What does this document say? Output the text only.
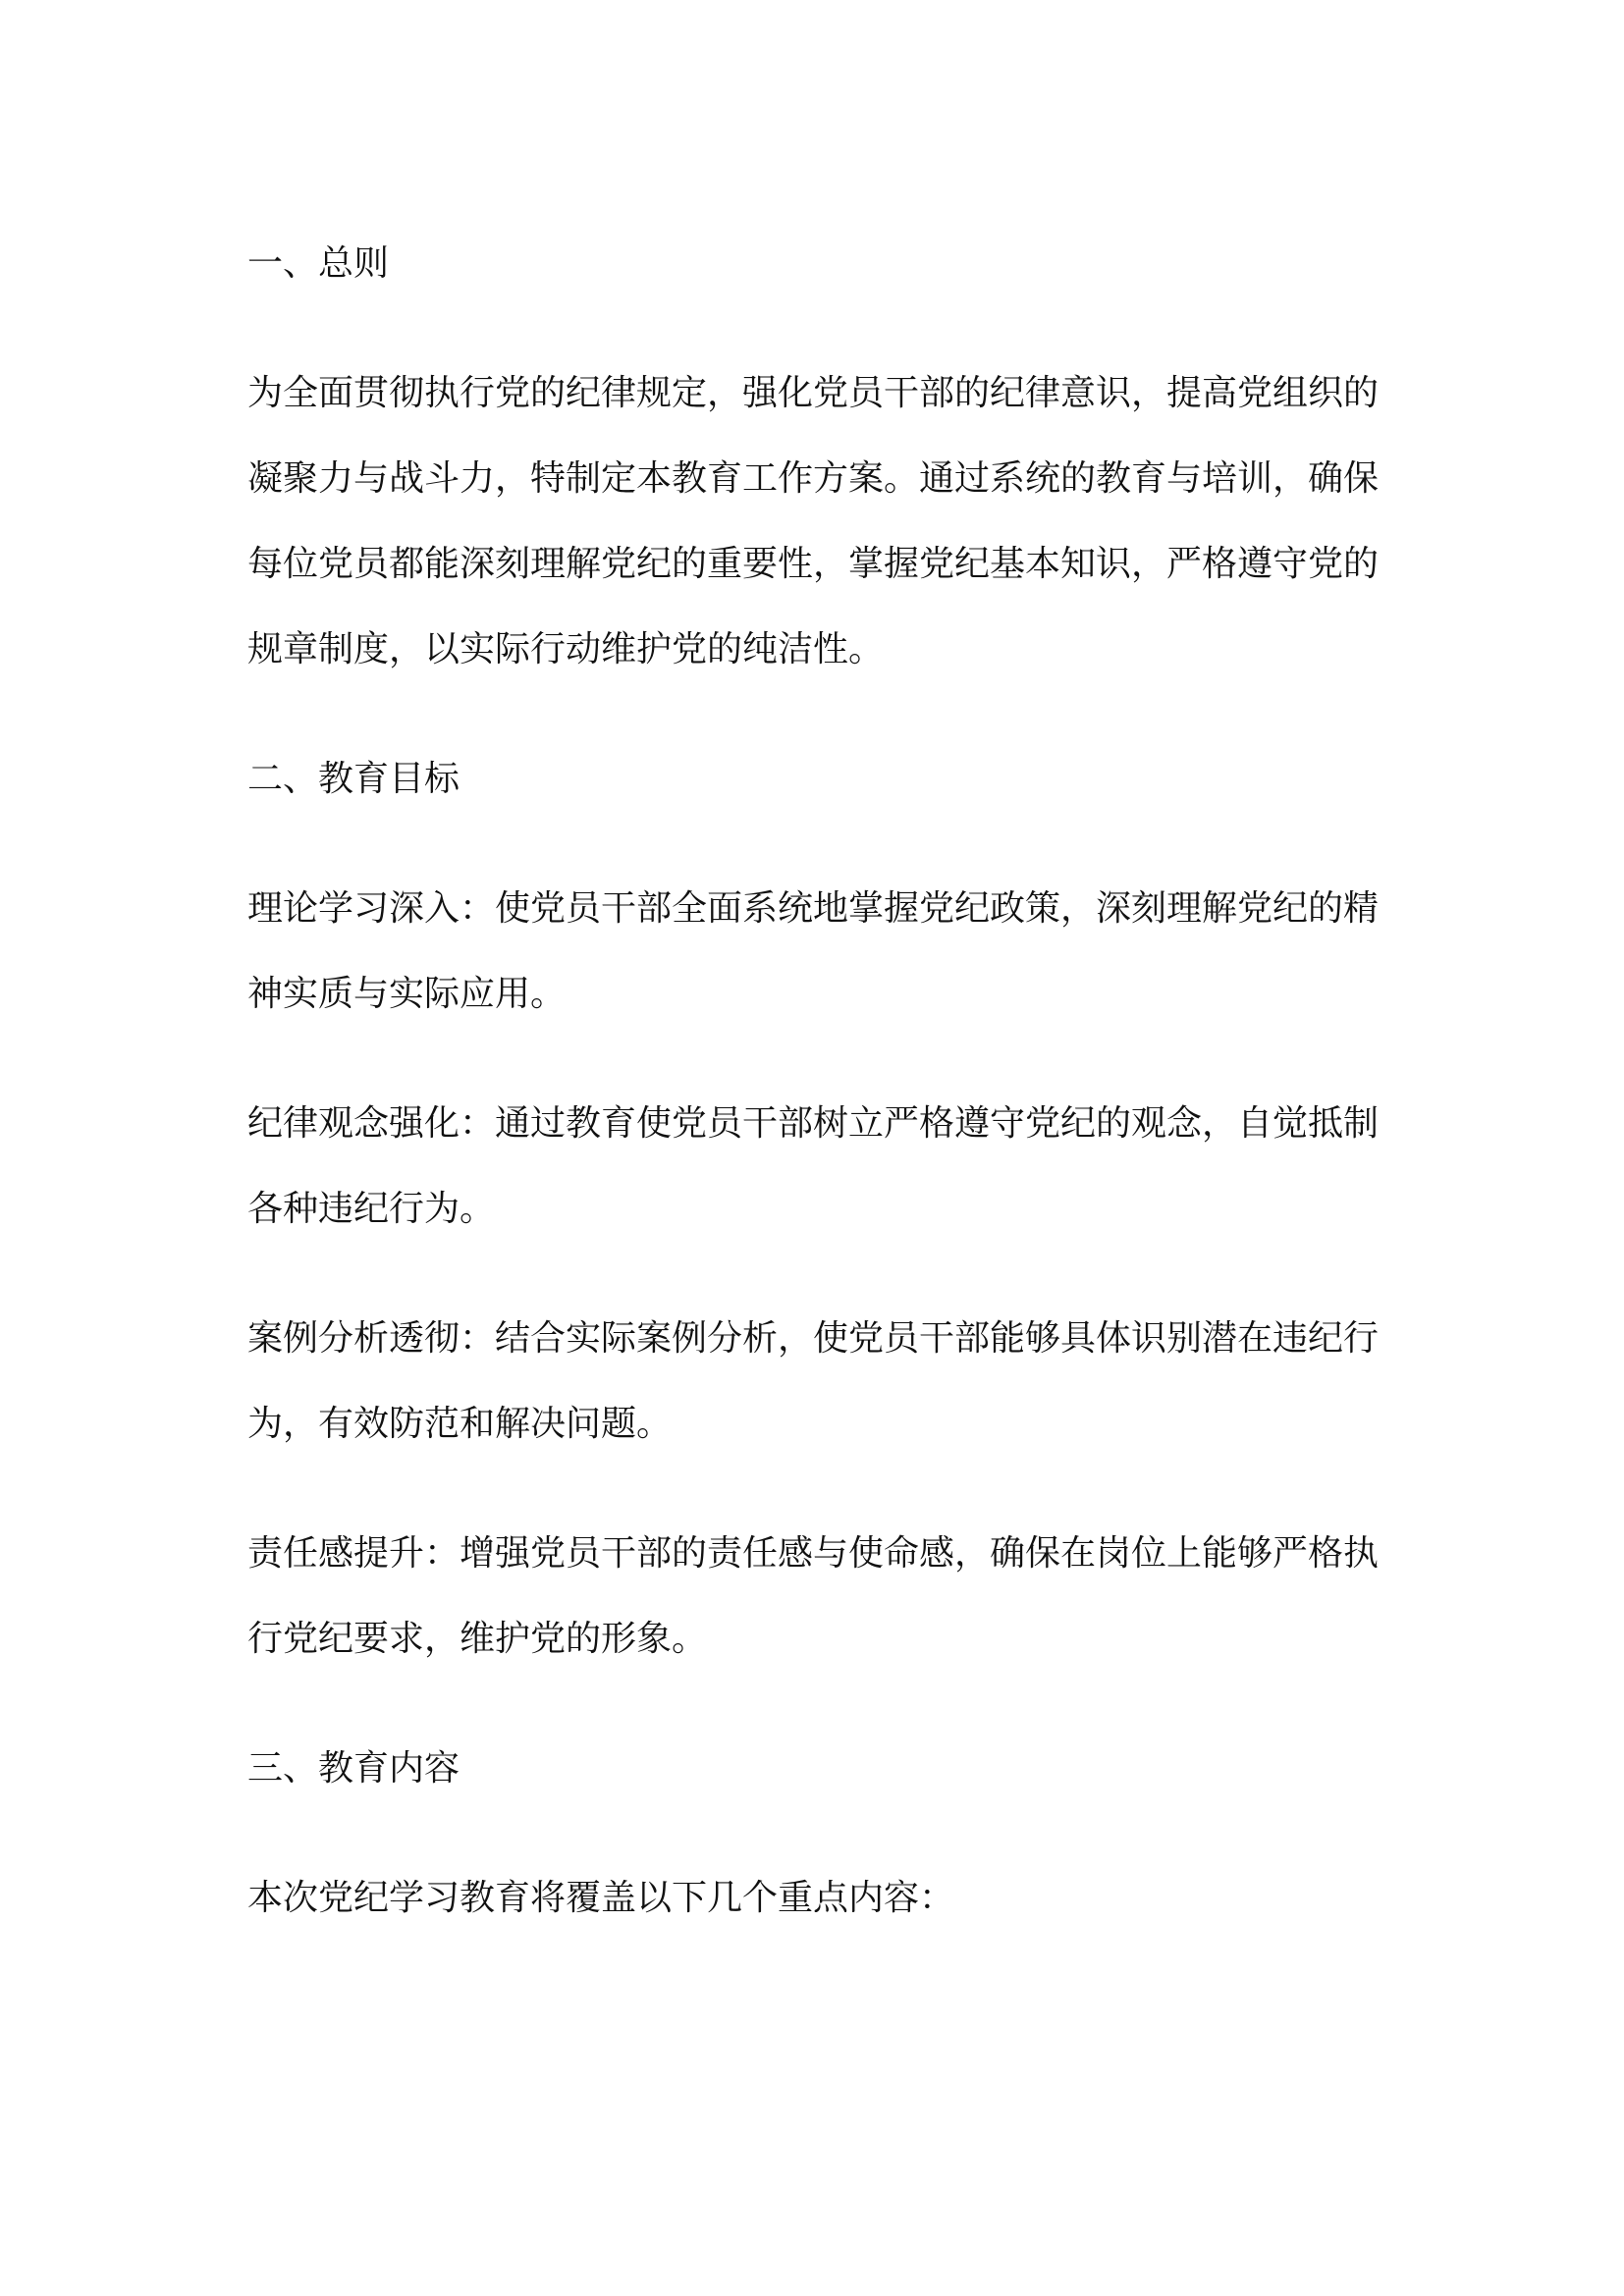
一、总则

为全面贯彻执行党的纪律规定，强化党员干部的纪律意识，提高党组织的凝聚力与战斗力，特制定本教育工作方案。通过系统的教育与培训，确保每位党员都能深刻理解党纪的重要性，掌握党纪基本知识，严格遵守党的规章制度，以实际行动维护党的纯洁性。

二、教育目标

理论学习深入：使党员干部全面系统地掌握党纪政策，深刻理解党纪的精神实质与实际应用。

纪律观念强化：通过教育使党员干部树立严格遵守党纪的观念，自觉抵制各种违纪行为。

案例分析透彻：结合实际案例分析，使党员干部能够具体识别潜在违纪行为，有效防范和解决问题。

责任感提升：增强党员干部的责任感与使命感，确保在岗位上能够严格执行党纪要求，维护党的形象。

三、教育内容

本次党纪学习教育将覆盖以下几个重点内容：
